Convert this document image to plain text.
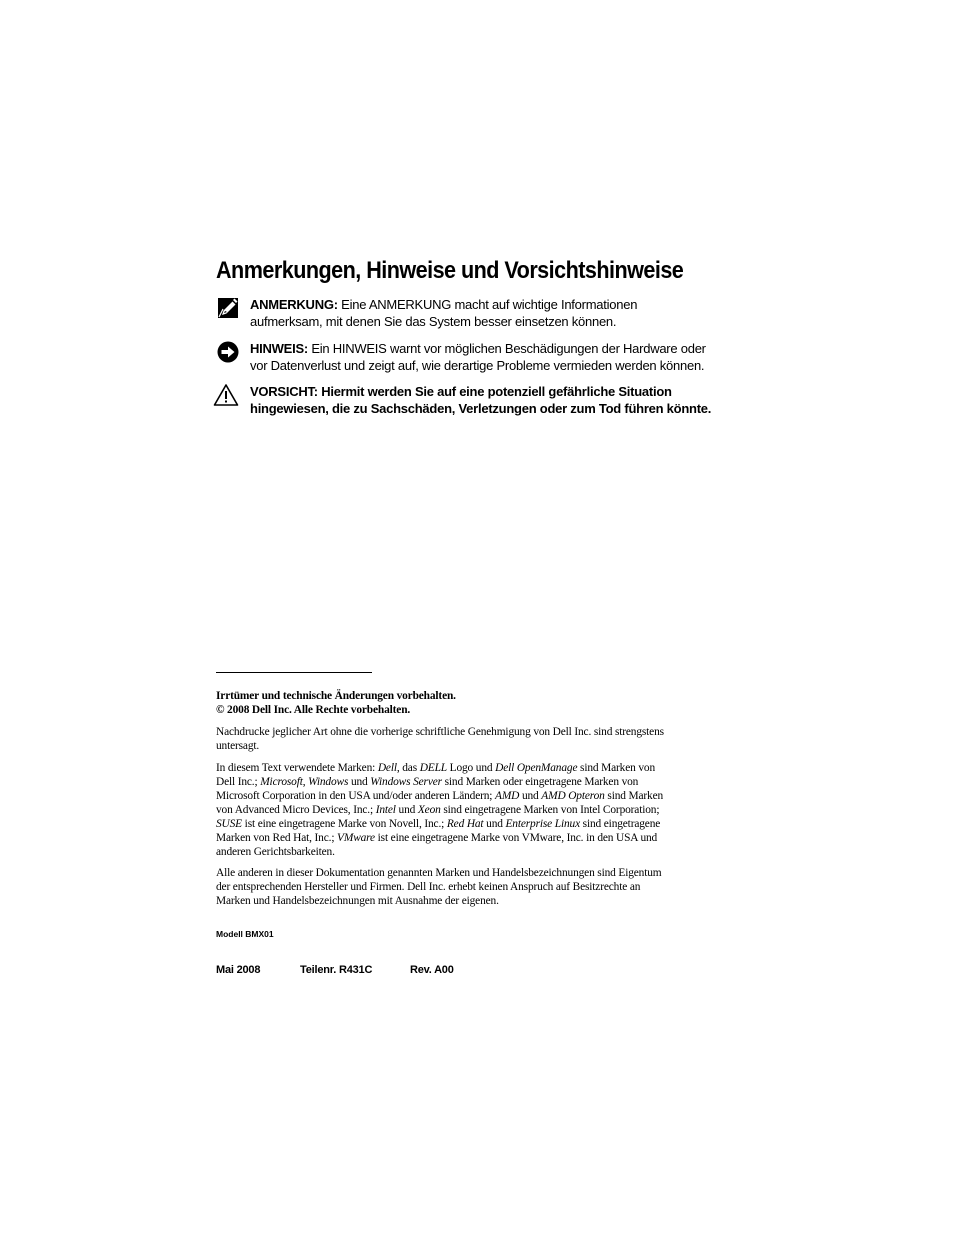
Anmerkungen, Hinweise und Vorsichtshinweise
ANMERKUNG: Eine ANMERKUNG macht auf wichtige Informationen
aufmerksam, mit denen Sie das System besser einsetzen können.
HINWEIS: Ein HINWEIS warnt vor möglichen Beschädigungen der Hardware oder
vor Datenverlust und zeigt auf, wie derartige Probleme vermieden werden können.
VORSICHT: Hiermit werden Sie auf eine potenziell gefährliche Situation
hingewiesen, die zu Sachschäden, Verletzungen oder zum Tod führen könnte.

Irrtümer und technische Änderungen vorbehalten.

© 2008 Dell Inc. Alle Rechte vorbehalten.

Nachdrucke jeglicher Art ohne die vorherige schriftliche Genehmigung von Dell Inc. sind strengstens

untersagt.

In diesem Text verwendete Marken: Dell, das DELL Logo und Dell OpenManage sind Marken von

Dell Inc.; Microsoft, Windows und Windows Server sind Marken oder eingetragene Marken von

Microsoft Corporation in den USA und/oder anderen Ländern; AMD und AMD Opteron sind Marken

von Advanced Micro Devices, Inc.; Intel und Xeon sind eingetragene Marken von Intel Corporation;

SUSE ist eine eingetragene Marke von Novell, Inc.; Red Hat und Enterprise Linux sind eingetragene

Marken von Red Hat, Inc.; VMware ist eine eingetragene Marke von VMware, Inc. in den USA und

anderen Gerichtsbarkeiten.

Alle anderen in dieser Dokumentation genannten Marken und Handelsbezeichnungen sind Eigentum

der entsprechenden Hersteller und Firmen. Dell Inc. erhebt keinen Anspruch auf Besitzrechte an

Marken und Handelsbezeichnungen mit Ausnahme der eigenen.

Modell BMX01
Mai 2008	Teilenr. R431C	Rev. A00
